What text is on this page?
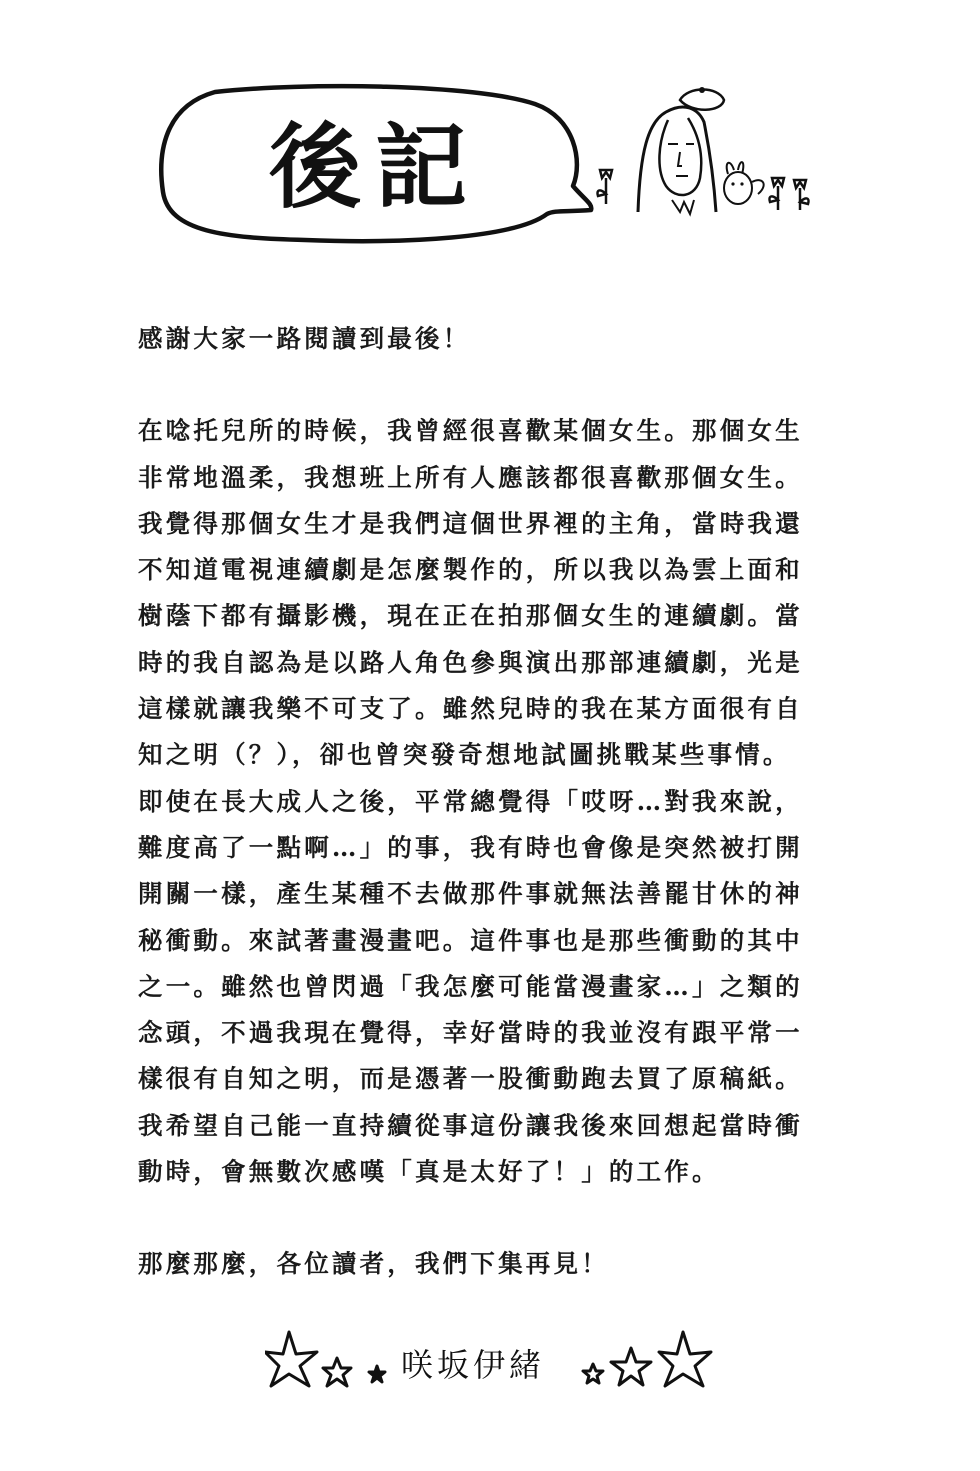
後記

感謝大家一路閱讀到最後！

在唸托兒所的時候，我曾經很喜歡某個女生。那個女生

非常地溫柔，我想班上所有人應該都很喜歡那個女生。

我覺得那個女生才是我們這個世界裡的主角，當時我還

不知道電視連續劇是怎麼製作的，所以我以為雲上面和

樹蔭下都有攝影機，現在正在拍那個女生的連續劇。當

時的我自認為是以路人角色參與演出那部連續劇，光是

這樣就讓我樂不可支了。雖然兒時的我在某方面很有自

知之明（？），卻也曾突發奇想地試圖挑戰某些事情。

即使在長大成人之後，平常總覺得「哎呀…對我來說，

難度高了一點啊…」的事，我有時也會像是突然被打開

開關一樣，產生某種不去做那件事就無法善罷甘休的神

秘衝動。來試著畫漫畫吧。這件事也是那些衝動的其中

之一。雖然也曾閃過「我怎麼可能當漫畫家…」之類的

念頭，不過我現在覺得，幸好當時的我並沒有跟平常一

樣很有自知之明，而是憑著一股衝動跑去買了原稿紙。

我希望自己能一直持續從事這份讓我後來回想起當時衝

動時，會無數次感嘆「真是太好了！」的工作。

那麼那麼，各位讀者，我們下集再見！

咲坂伊緒
